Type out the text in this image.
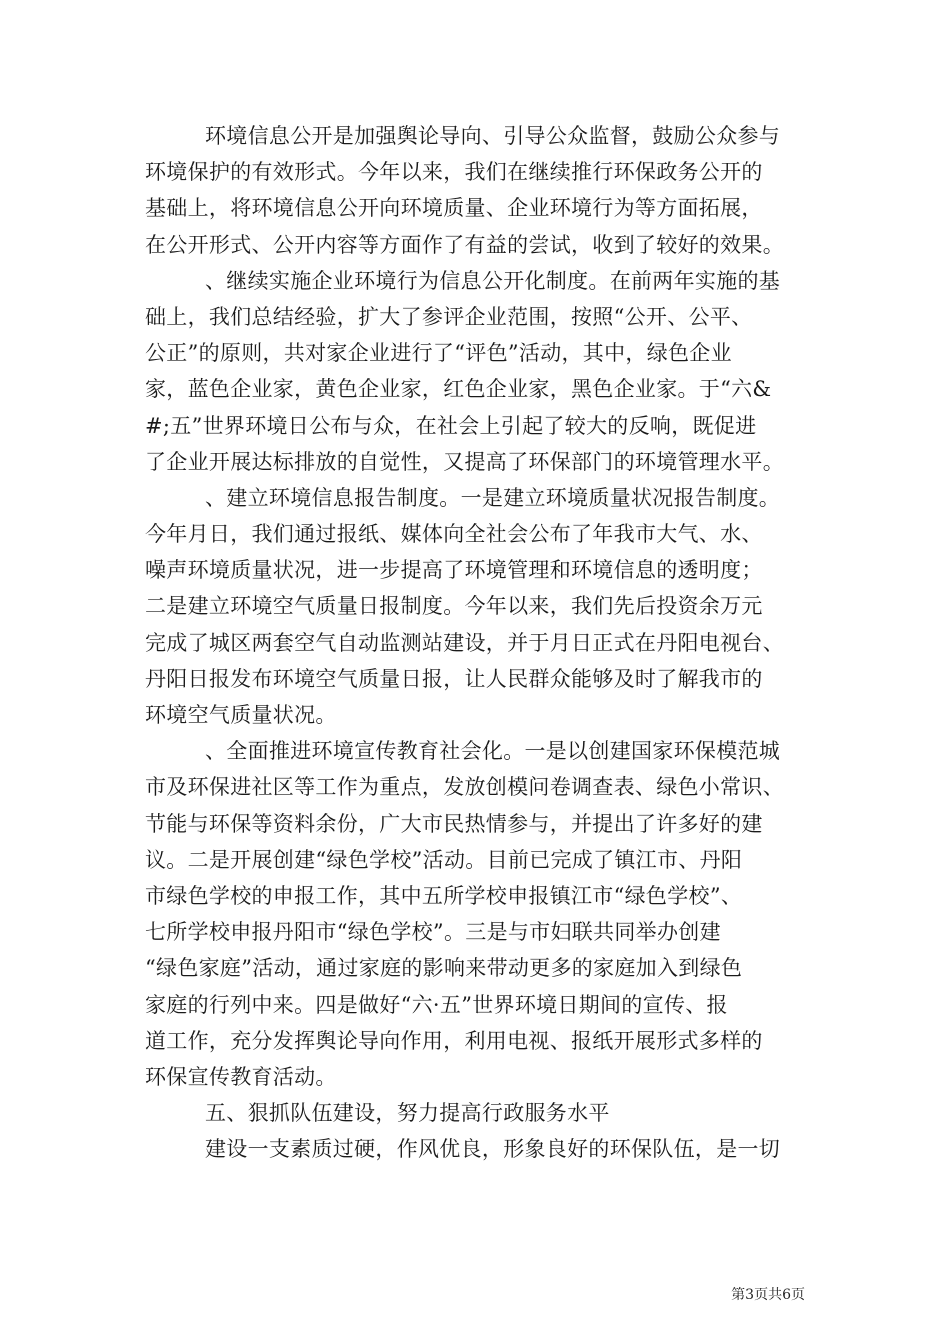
环境信息公开是加强舆论导向、引导公众监督，鼓励公众参与
环境保护的有效形式。今年以来，我们在继续推行环保政务公开的
基础上，将环境信息公开向环境质量、企业环境行为等方面拓展，
在公开形式、公开内容等方面作了有益的尝试，收到了较好的效果。
、继续实施企业环境行为信息公开化制度。在前两年实施的基
础上，我们总结经验，扩大了参评企业范围，按照“公开、公平、
公正”的原则，共对家企业进行了“评色”活动，其中，绿色企业
家，蓝色企业家，黄色企业家，红色企业家，黑色企业家。于“六&
#;五”世界环境日公布与众，在社会上引起了较大的反响，既促进
了企业开展达标排放的自觉性，又提高了环保部门的环境管理水平。
、建立环境信息报告制度。一是建立环境质量状况报告制度。
今年月日，我们通过报纸、媒体向全社会公布了年我市大气、水、
噪声环境质量状况，进一步提高了环境管理和环境信息的透明度；
二是建立环境空气质量日报制度。今年以来，我们先后投资余万元
完成了城区两套空气自动监测站建设，并于月日正式在丹阳电视台、
丹阳日报发布环境空气质量日报，让人民群众能够及时了解我市的
环境空气质量状况。
、全面推进环境宣传教育社会化。一是以创建国家环保模范城
市及环保进社区等工作为重点，发放创模问卷调查表、绿色小常识、
节能与环保等资料余份，广大市民热情参与，并提出了许多好的建
议。二是开展创建“绿色学校”活动。目前已完成了镇江市、丹阳
市绿色学校的申报工作，其中五所学校申报镇江市“绿色学校”、
七所学校申报丹阳市“绿色学校”。三是与市妇联共同举办创建
“绿色家庭”活动，通过家庭的影响来带动更多的家庭加入到绿色
家庭的行列中来。四是做好“六·五”世界环境日期间的宣传、报
道工作，充分发挥舆论导向作用，利用电视、报纸开展形式多样的
环保宣传教育活动。
五、狠抓队伍建设，努力提高行政服务水平
建设一支素质过硬，作风优良，形象良好的环保队伍，是一切
第3页共6页
